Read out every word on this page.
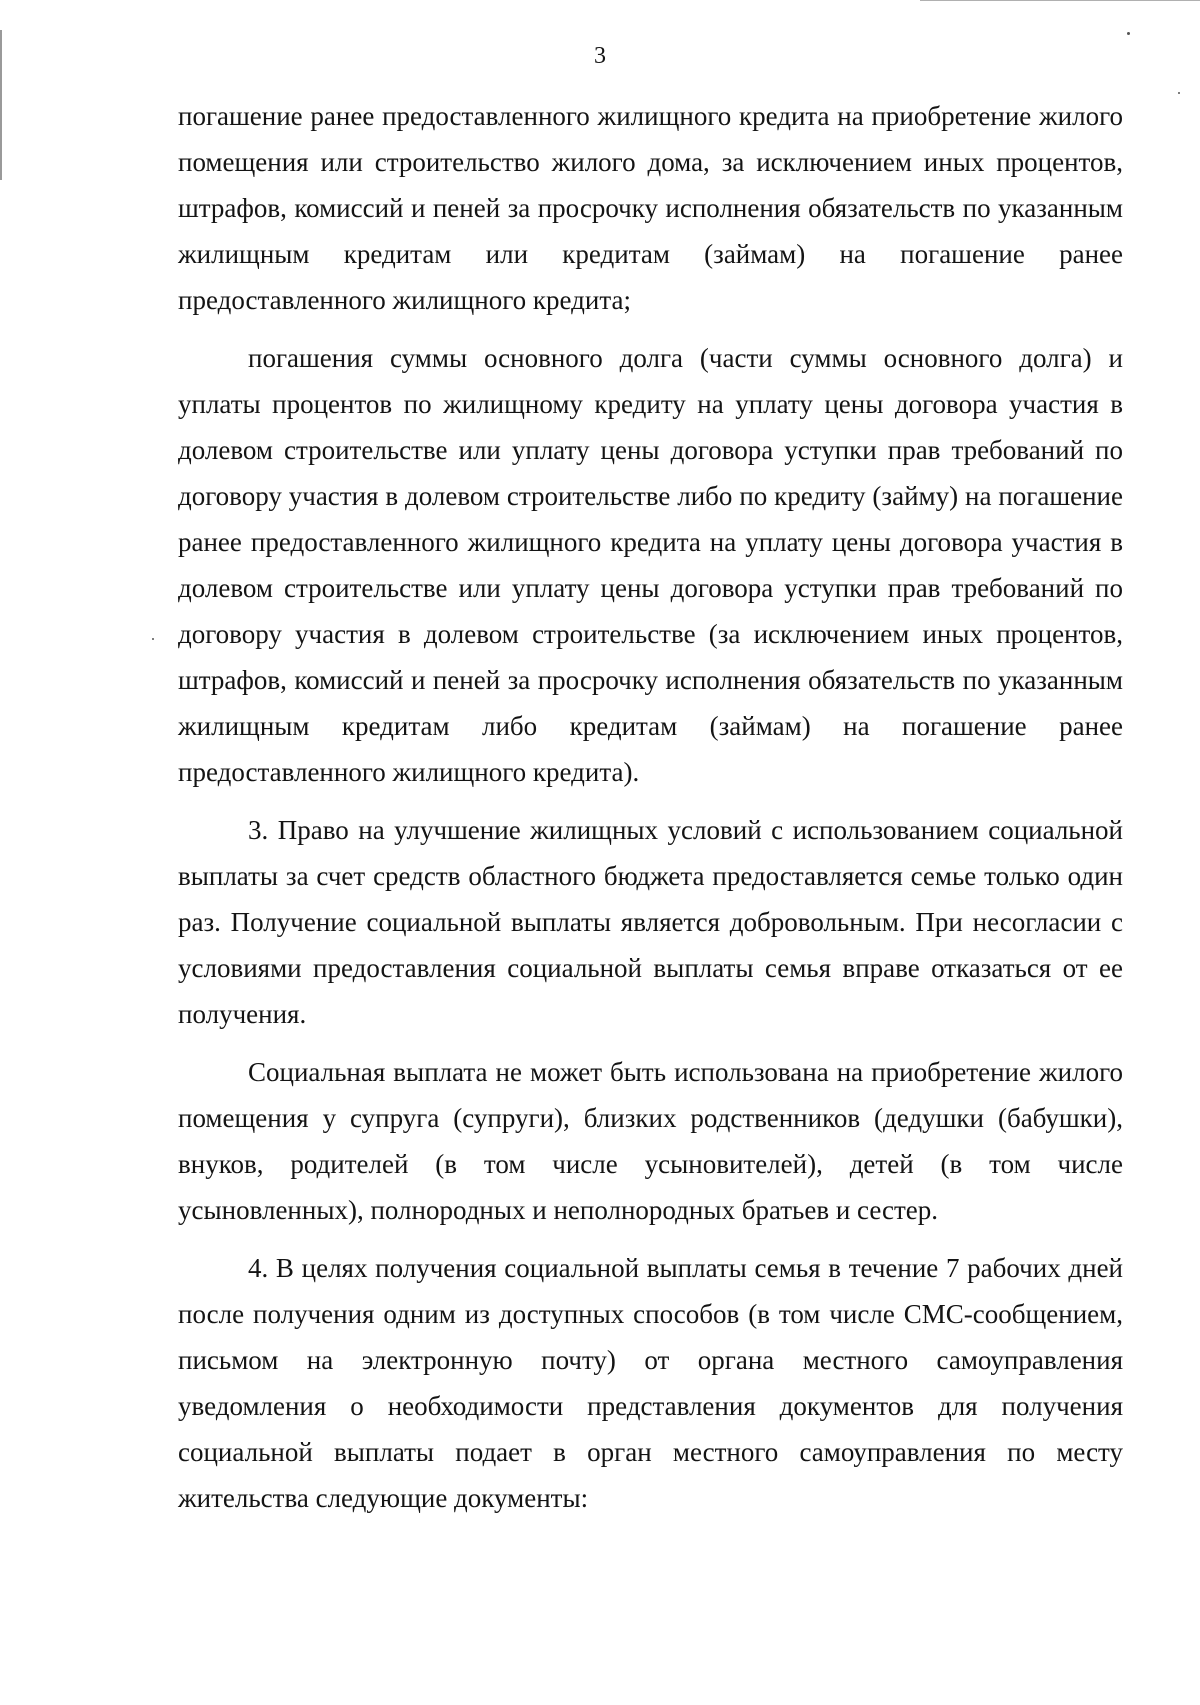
3

погашение ранее предоставленного жилищного кредита на приобретение жилого помещения или строительство жилого дома, за исключением иных процентов, штрафов, комиссий и пеней за просрочку исполнения обязательств по указанным жилищным кредитам или кредитам (займам) на погашение ранее предоставленного жилищного кредита;

погашения суммы основного долга (части суммы основного долга) и уплаты процентов по жилищному кредиту на уплату цены договора участия в долевом строительстве или уплату цены договора уступки прав требований по договору участия в долевом строительстве либо по кредиту (займу) на погашение ранее предоставленного жилищного кредита на уплату цены договора участия в долевом строительстве или уплату цены договора уступки прав требований по договору участия в долевом строительстве (за исключением иных процентов, штрафов, комиссий и пеней за просрочку исполнения обязательств по указанным жилищным кредитам либо кредитам (займам) на погашение ранее предоставленного жилищного кредита).

3. Право на улучшение жилищных условий с использованием социальной выплаты за счет средств областного бюджета предоставляется семье только один раз. Получение социальной выплаты является добровольным. При несогласии с условиями предоставления социальной выплаты семья вправе отказаться от ее получения.

Социальная выплата не может быть использована на приобретение жилого помещения у супруга (супруги), близких родственников (дедушки (бабушки), внуков, родителей (в том числе усыновителей), детей (в том числе усыновленных), полнородных и неполнородных братьев и сестер.

4. В целях получения социальной выплаты семья в течение 7 рабочих дней после получения одним из доступных способов (в том числе СМС-сообщением, письмом на электронную почту) от органа местного самоуправления уведомления о необходимости представления документов для получения социальной выплаты подает в орган местного самоуправления по месту жительства следующие документы:
